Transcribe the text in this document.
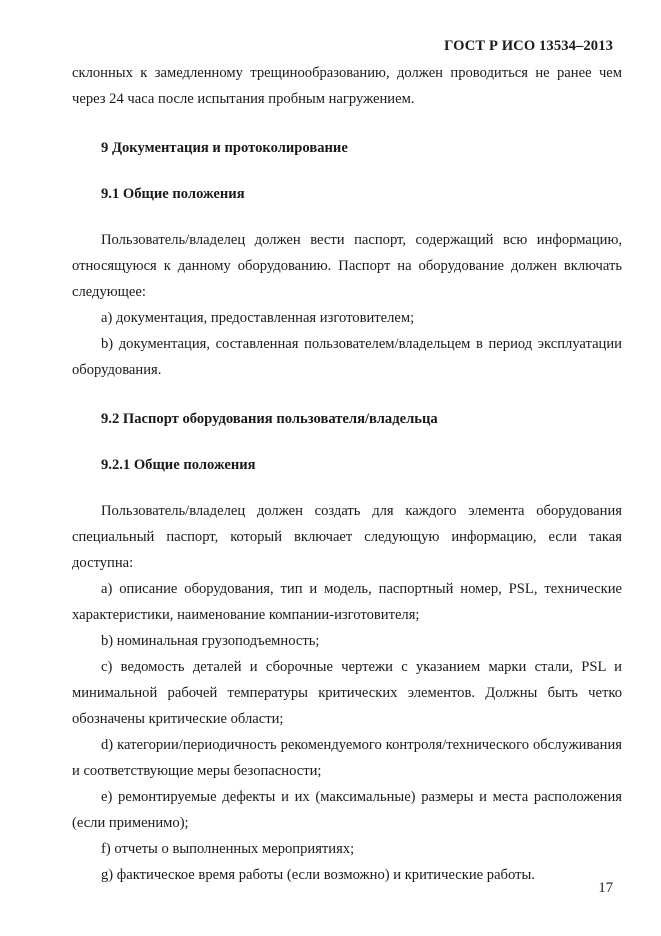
ГОСТ Р ИСО 13534–2013

склонных к замедленному трещинообразованию, должен проводиться не ранее чем через 24 часа после испытания пробным нагружением.

9 Документация и протоколирование

9.1 Общие положения

Пользователь/владелец должен вести паспорт, содержащий всю информацию, относящуюся к данному оборудованию. Паспорт на оборудование должен включать следующее:

a) документация, предоставленная изготовителем;

b) документация, составленная пользователем/владельцем в период эксплуатации оборудования.

9.2 Паспорт оборудования пользователя/владельца

9.2.1 Общие положения

Пользователь/владелец должен создать для каждого элемента оборудования специальный паспорт, который включает следующую информацию, если такая доступна:

a) описание оборудования, тип и модель, паспортный номер, PSL, технические характеристики, наименование компании-изготовителя;

b) номинальная грузоподъемность;

c) ведомость деталей и сборочные чертежи с указанием марки стали, PSL и минимальной рабочей температуры критических элементов. Должны быть четко обозначены критические области;

d) категории/периодичность рекомендуемого контроля/технического обслуживания и соответствующие меры безопасности;

e) ремонтируемые дефекты и их (максимальные) размеры и места расположения (если применимо);

f) отчеты о выполненных мероприятиях;

g) фактическое время работы (если возможно) и критические работы.

17
